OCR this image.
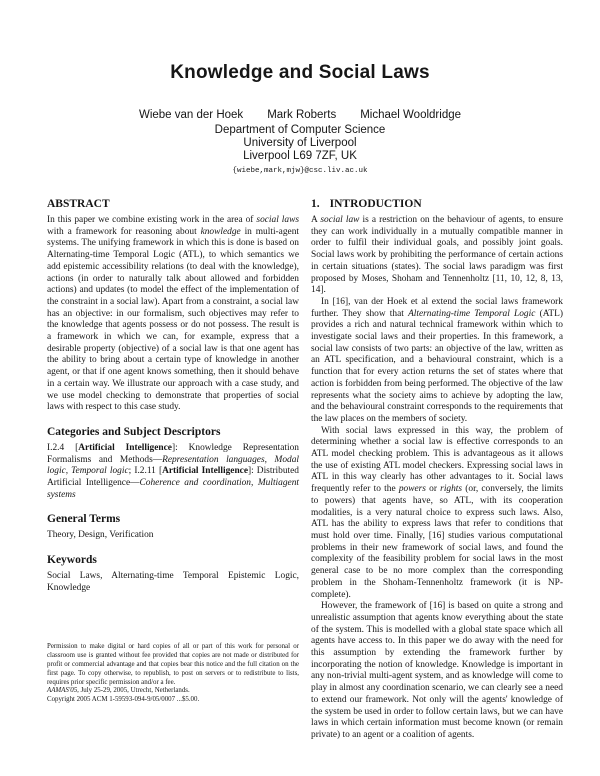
Knowledge and Social Laws
Wiebe van der Hoek Mark Roberts Michael Wooldridge
Department of Computer Science
University of Liverpool
Liverpool L69 7ZF, UK
{wiebe,mark,mjw}@csc.liv.ac.uk
ABSTRACT

In this paper we combine existing work in the area of social laws with a framework for reasoning about knowledge in multi-agent systems. The unifying framework in which this is done is based on Alternating-time Temporal Logic (ATL), to which semantics we add epistemic accessibility relations (to deal with the knowledge), actions (in order to naturally talk about allowed and forbidden actions) and updates (to model the effect of the implementation of the constraint in a social law). Apart from a constraint, a social law has an objective: in our formalism, such objectives may refer to the knowledge that agents possess or do not possess. The result is a framework in which we can, for example, express that a desirable property (objective) of a social law is that one agent has the ability to bring about a certain type of knowledge in another agent, or that if one agent knows something, then it should behave in a certain way. We illustrate our approach with a case study, and we use model checking to demonstrate that properties of social laws with respect to this case study.

Categories and Subject Descriptors

I.2.4 [Artificial Intelligence]: Knowledge Representation Formalisms and Methods—Representation languages, Modal logic, Temporal logic; I.2.11 [Artificial Intelligence]: Distributed Artificial Intelligence—Coherence and coordination, Multiagent systems

General Terms

Theory, Design, Verification

Keywords

Social Laws, Alternating-time Temporal Epistemic Logic, Knowledge

Permission to make digital or hard copies of all or part of this work for personal or classroom use is granted without fee provided that copies are not made or distributed for profit or commercial advantage and that copies bear this notice and the full citation on the first page. To copy otherwise, to republish, to post on servers or to redistribute to lists, requires prior specific permission and/or a fee.

AAMAS'05, July 25-29, 2005, Utrecht, Netherlands.

Copyright 2005 ACM 1-59593-094-9/05/0007 ...$5.00.

1. INTRODUCTION

A social law is a restriction on the behaviour of agents, to ensure they can work individually in a mutually compatible manner in order to fulfil their individual goals, and possibly joint goals. Social laws work by prohibiting the performance of certain actions in certain situations (states). The social laws paradigm was first proposed by Moses, Shoham and Tennenholtz [11, 10, 12, 8, 13, 14].

In [16], van der Hoek et al extend the social laws framework further. They show that Alternating-time Temporal Logic (ATL) provides a rich and natural technical framework within which to investigate social laws and their properties. In this framework, a social law consists of two parts: an objective of the law, written as an ATL specification, and a behavioural constraint, which is a function that for every action returns the set of states where that action is forbidden from being performed. The objective of the law represents what the society aims to achieve by adopting the law, and the behavioural constraint corresponds to the requirements that the law places on the members of society.

With social laws expressed in this way, the problem of determining whether a social law is effective corresponds to an ATL model checking problem. This is advantageous as it allows the use of existing ATL model checkers. Expressing social laws in ATL in this way clearly has other advantages to it. Social laws frequently refer to the powers or rights (or, conversely, the limits to powers) that agents have, so ATL, with its cooperation modalities, is a very natural choice to express such laws. Also, ATL has the ability to express laws that refer to conditions that must hold over time. Finally, [16] studies various computational problems in their new framework of social laws, and found the complexity of the feasibility problem for social laws in the most general case to be no more complex than the corresponding problem in the Shoham-Tennenholtz framework (it is NP-complete).

However, the framework of [16] is based on quite a strong and unrealistic assumption that agents know everything about the state of the system. This is modelled with a global state space which all agents have access to. In this paper we do away with the need for this assumption by extending the framework further by incorporating the notion of knowledge. Knowledge is important in any non-trivial multi-agent system, and as knowledge will come to play in almost any coordination scenario, we can clearly see a need to extend our framework. Not only will the agents' knowledge of the system be used in order to follow certain laws, but we can have laws in which certain information must become known (or remain private) to an agent or a coalition of agents.
